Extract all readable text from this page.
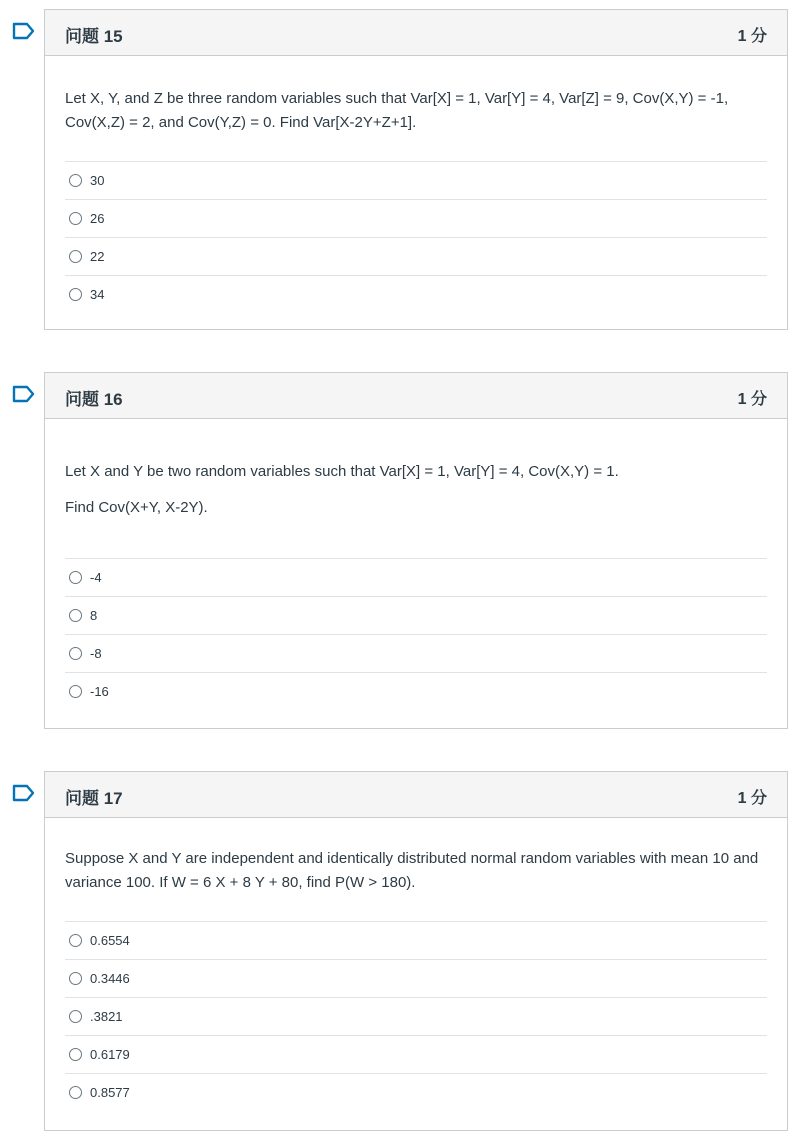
问题 15	1 分

Let X, Y, and Z be three random variables such that Var[X] = 1, Var[Y] = 4, Var[Z] = 9, Cov(X,Y) = -1, Cov(X,Z) = 2, and Cov(Y,Z) = 0. Find Var[X-2Y+Z+1].

30
26
22
34
问题 16	1 分

Let X and Y be two random variables such that Var[X] = 1, Var[Y] = 4, Cov(X,Y) = 1.

Find Cov(X+Y, X-2Y).

-4
8
-8
-16
问题 17	1 分

Suppose X and Y are independent and identically distributed normal random variables with mean 10 and variance 100. If W = 6 X + 8 Y + 80, find P(W > 180).

0.6554
0.3446
.3821
0.6179
0.8577
